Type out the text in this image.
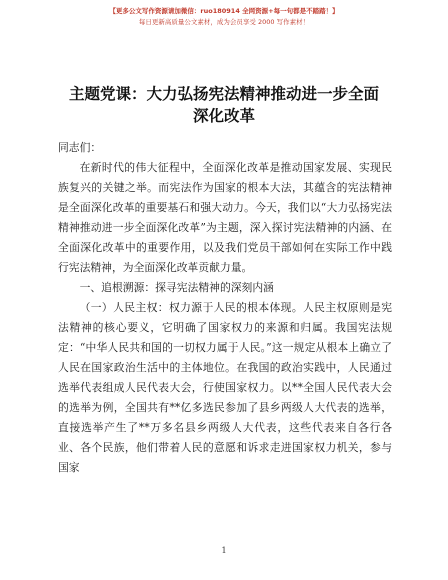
【更多公文写作资源请加微信：ruo180914 全网资源+每一句都是不踏踏！】
每日更新高质量公文素材，成为会员享受 2000 写作素材！
主题党课：大力弘扬宪法精神推动进一步全面
深化改革

同志们：

在新时代的伟大征程中，全面深化改革是推动国家发展、实现民族复兴的关键之举。而宪法作为国家的根本大法，其蕴含的宪法精神是全面深化改革的重要基石和强大动力。今天，我们以“大力弘扬宪法精神推动进一步全面深化改革”为主题，深入探讨宪法精神的内涵、在全面深化改革中的重要作用，以及我们党员干部如何在实际工作中践行宪法精神，为全面深化改革贡献力量。

一、追根溯源：探寻宪法精神的深刻内涵

（一）人民主权：权力源于人民的根本体现。人民主权原则是宪法精神的核心要义，它明确了国家权力的来源和归属。我国宪法规定：“中华人民共和国的一切权力属于人民。”这一规定从根本上确立了人民在国家政治生活中的主体地位。在我国的政治实践中，人民通过选举代表组成人民代表大会，行使国家权力。以**全国人民代表大会的选举为例，全国共有**亿多选民参加了县乡两级人大代表的选举，直接选举产生了**万多名县乡两级人大代表，这些代表来自各行各业、各个民族，他们带着人民的意愿和诉求走进国家权力机关，参与国家

1
